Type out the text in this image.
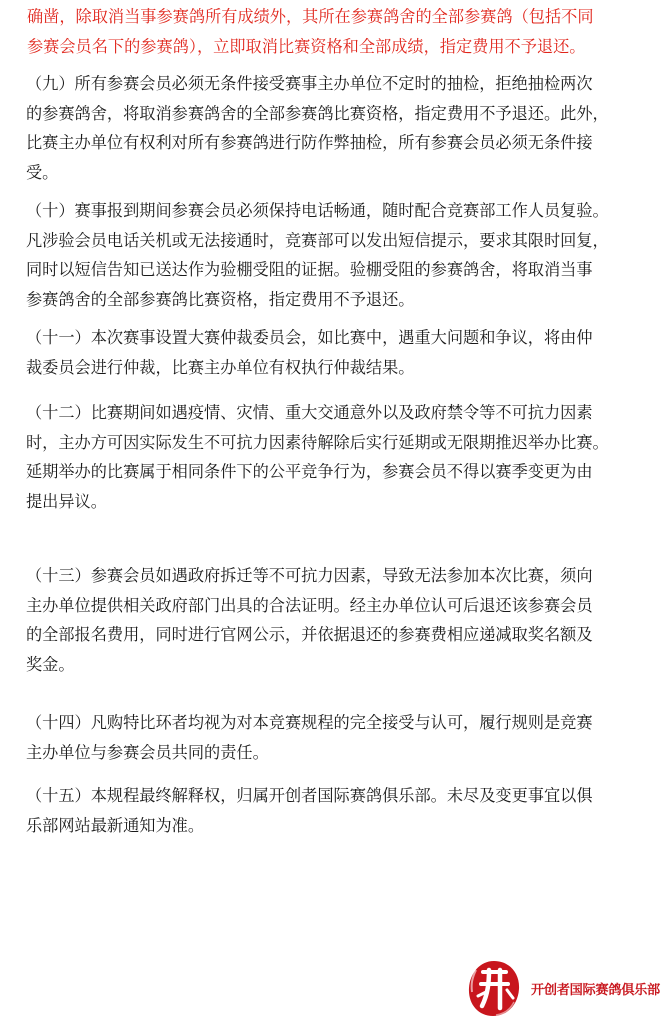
确凿，除取消当事参赛鸽所有成绩外，其所在参赛鸽舍的全部参赛鸽（包括不同
参赛会员名下的参赛鸽），立即取消比赛资格和全部成绩，指定费用不予退还。
（九）所有参赛会员必须无条件接受赛事主办单位不定时的抽检，拒绝抽检两次
的参赛鸽舍，将取消参赛鸽舍的全部参赛鸽比赛资格，指定费用不予退还。此外，
比赛主办单位有权利对所有参赛鸽进行防作弊抽检，所有参赛会员必须无条件接
受。
（十）赛事报到期间参赛会员必须保持电话畅通，随时配合竞赛部工作人员复验。
凡涉验会员电话关机或无法接通时，竞赛部可以发出短信提示，要求其限时回复，
同时以短信告知已送达作为验棚受阻的证据。验棚受阻的参赛鸽舍，将取消当事
参赛鸽舍的全部参赛鸽比赛资格，指定费用不予退还。
（十一）本次赛事设置大赛仲裁委员会，如比赛中，遇重大问题和争议，将由仲
裁委员会进行仲裁，比赛主办单位有权执行仲裁结果。
（十二）比赛期间如遇疫情、灾情、重大交通意外以及政府禁令等不可抗力因素
时，主办方可因实际发生不可抗力因素待解除后实行延期或无限期推迟举办比赛。
延期举办的比赛属于相同条件下的公平竞争行为，参赛会员不得以赛季变更为由
提出异议。
（十三）参赛会员如遇政府拆迁等不可抗力因素，导致无法参加本次比赛，须向
主办单位提供相关政府部门出具的合法证明。经主办单位认可后退还该参赛会员
的全部报名费用，同时进行官网公示，并依据退还的参赛费相应递减取奖名额及
奖金。
（十四）凡购特比环者均视为对本竞赛规程的完全接受与认可，履行规则是竞赛
主办单位与参赛会员共同的责任。
（十五）本规程最终解释权，归属开创者国际赛鸽俱乐部。未尽及变更事宜以俱
乐部网站最新通知为准。
开创者国际赛鸽俱乐部
